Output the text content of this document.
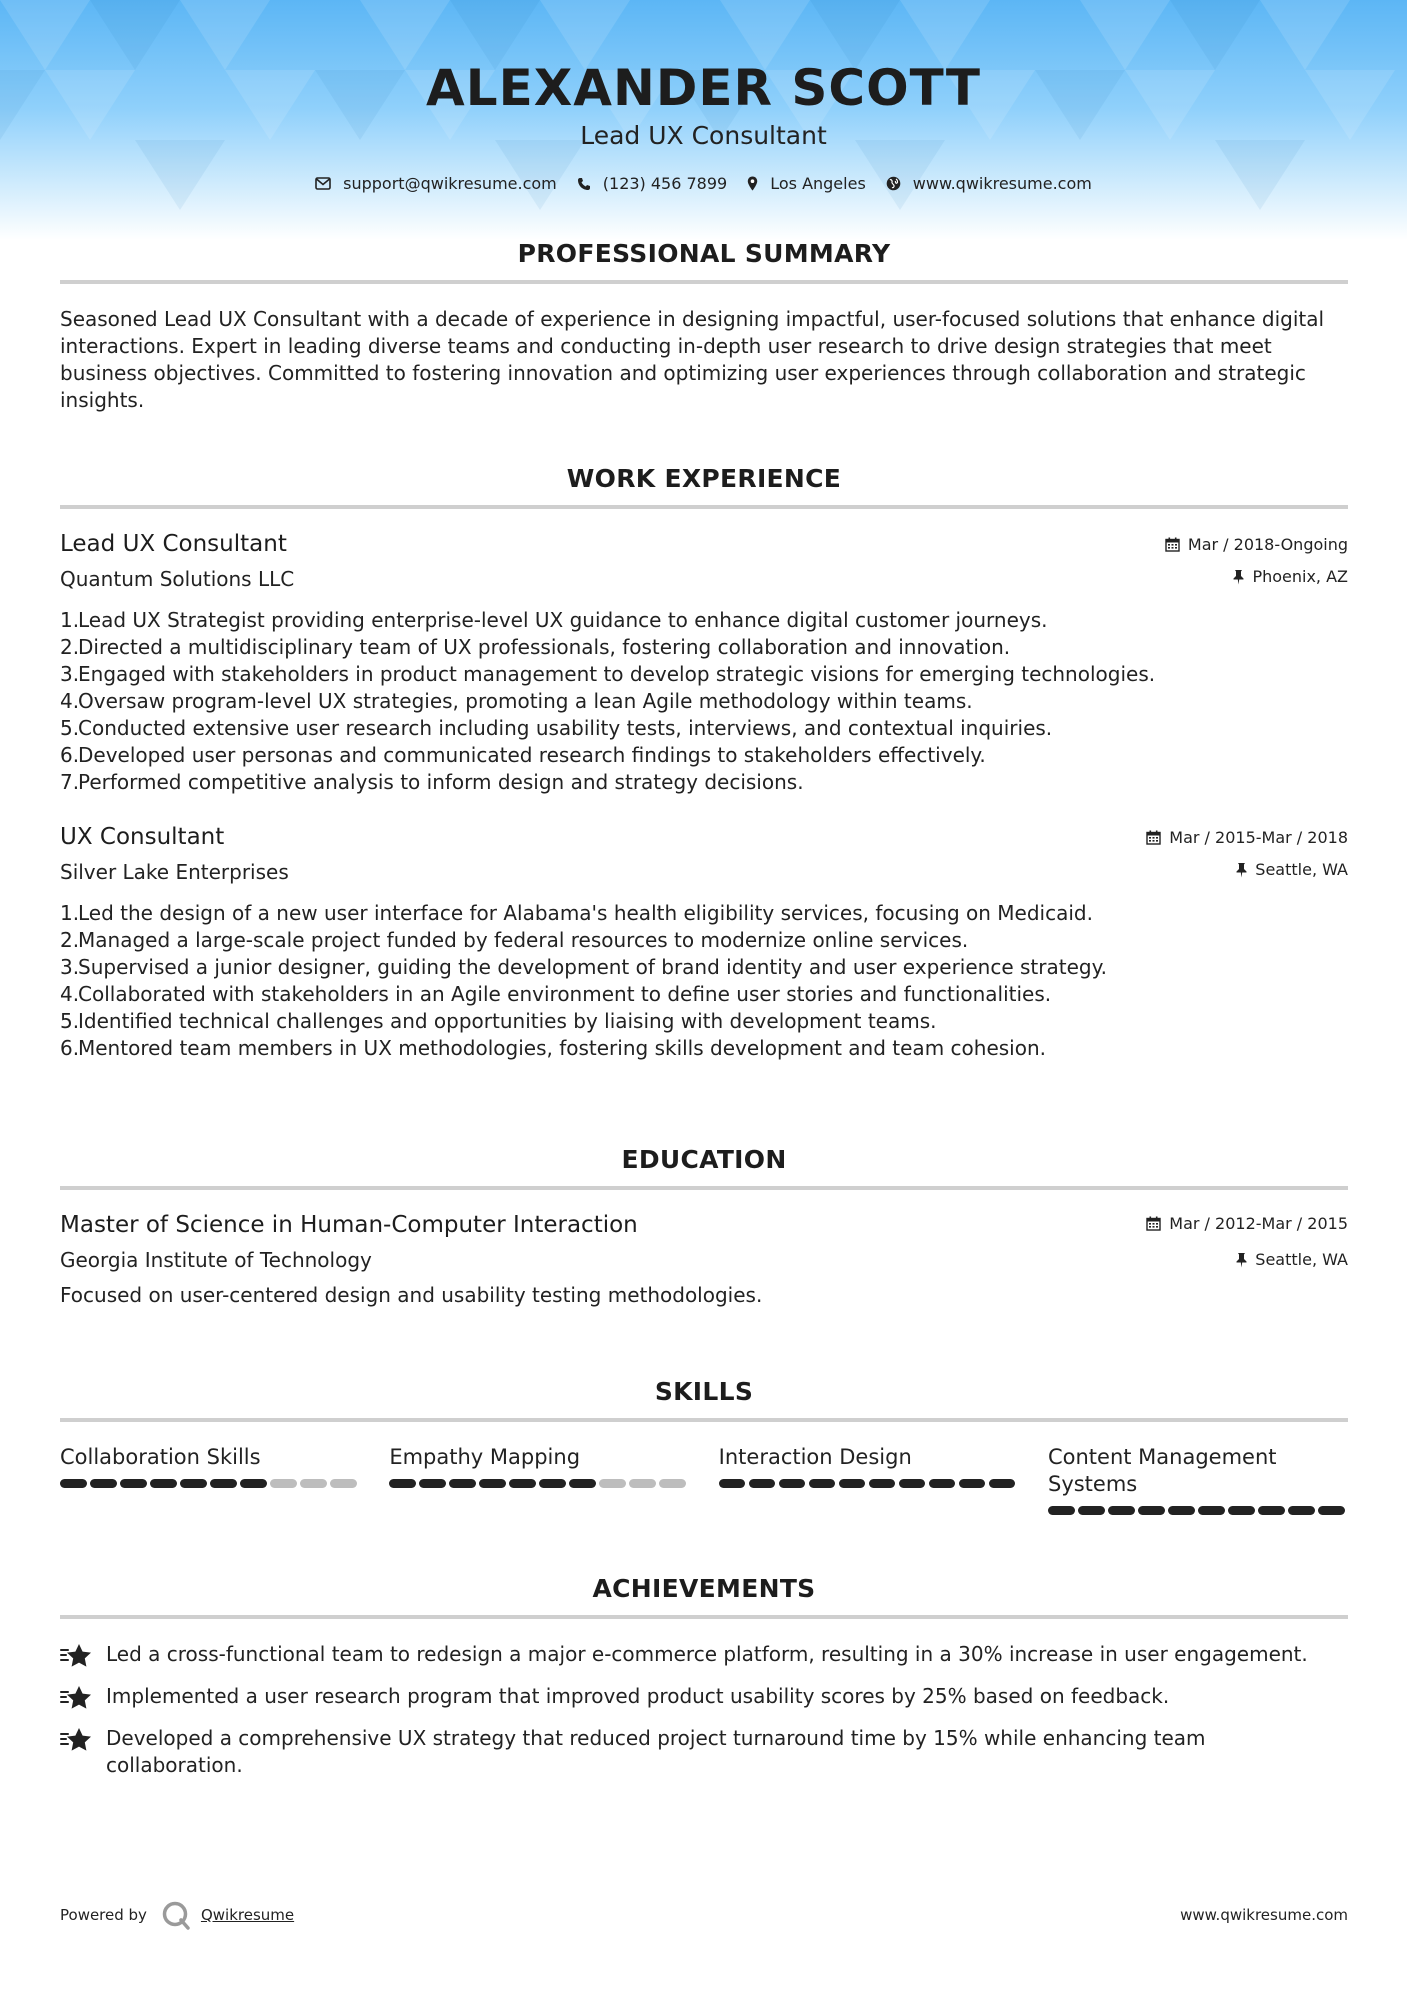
ALEXANDER SCOTT
Lead UX Consultant
support@qwikresume.com	(123) 456 7899	Los Angeles	www.qwikresume.com
PROFESSIONAL SUMMARY
Seasoned Lead UX Consultant with a decade of experience in designing impactful, user-focused solutions that enhance digital interactions. Expert in leading diverse teams and conducting in-depth user research to drive design strategies that meet business objectives. Committed to fostering innovation and optimizing user experiences through collaboration and strategic insights.
WORK EXPERIENCE
Lead UX Consultant
Quantum Solutions LLC
Mar / 2018-Ongoing
Phoenix, AZ
1.
Lead UX Strategist providing enterprise-level UX guidance to enhance digital customer journeys.
2.
Directed a multidisciplinary team of UX professionals, fostering collaboration and innovation.
3.
Engaged with stakeholders in product management to develop strategic visions for emerging technologies.
4.
Oversaw program-level UX strategies, promoting a lean Agile methodology within teams.
5.
Conducted extensive user research including usability tests, interviews, and contextual inquiries.
6.
Developed user personas and communicated research findings to stakeholders effectively.
7.
Performed competitive analysis to inform design and strategy decisions.
UX Consultant
Silver Lake Enterprises
Mar / 2015-Mar / 2018
Seattle, WA
1.
Led the design of a new user interface for Alabama's health eligibility services, focusing on Medicaid.
2.
Managed a large-scale project funded by federal resources to modernize online services.
3.
Supervised a junior designer, guiding the development of brand identity and user experience strategy.
4.
Collaborated with stakeholders in an Agile environment to define user stories and functionalities.
5.
Identified technical challenges and opportunities by liaising with development teams.
6.
Mentored team members in UX methodologies, fostering skills development and team cohesion.
EDUCATION
Master of Science in Human-Computer Interaction
Georgia Institute of Technology
Mar / 2012-Mar / 2015
Seattle, WA
Focused on user-centered design and usability testing methodologies.
SKILLS
Collaboration Skills	Empathy Mapping	Interaction Design	Content Management Systems
ACHIEVEMENTS
Led a cross-functional team to redesign a major e-commerce platform, resulting in a 30% increase in user engagement.
Implemented a user research program that improved product usability scores by 25% based on feedback.
Developed a comprehensive UX strategy that reduced project turnaround time by 15% while enhancing team collaboration.
Powered by	Qwikresume	www.qwikresume.com
